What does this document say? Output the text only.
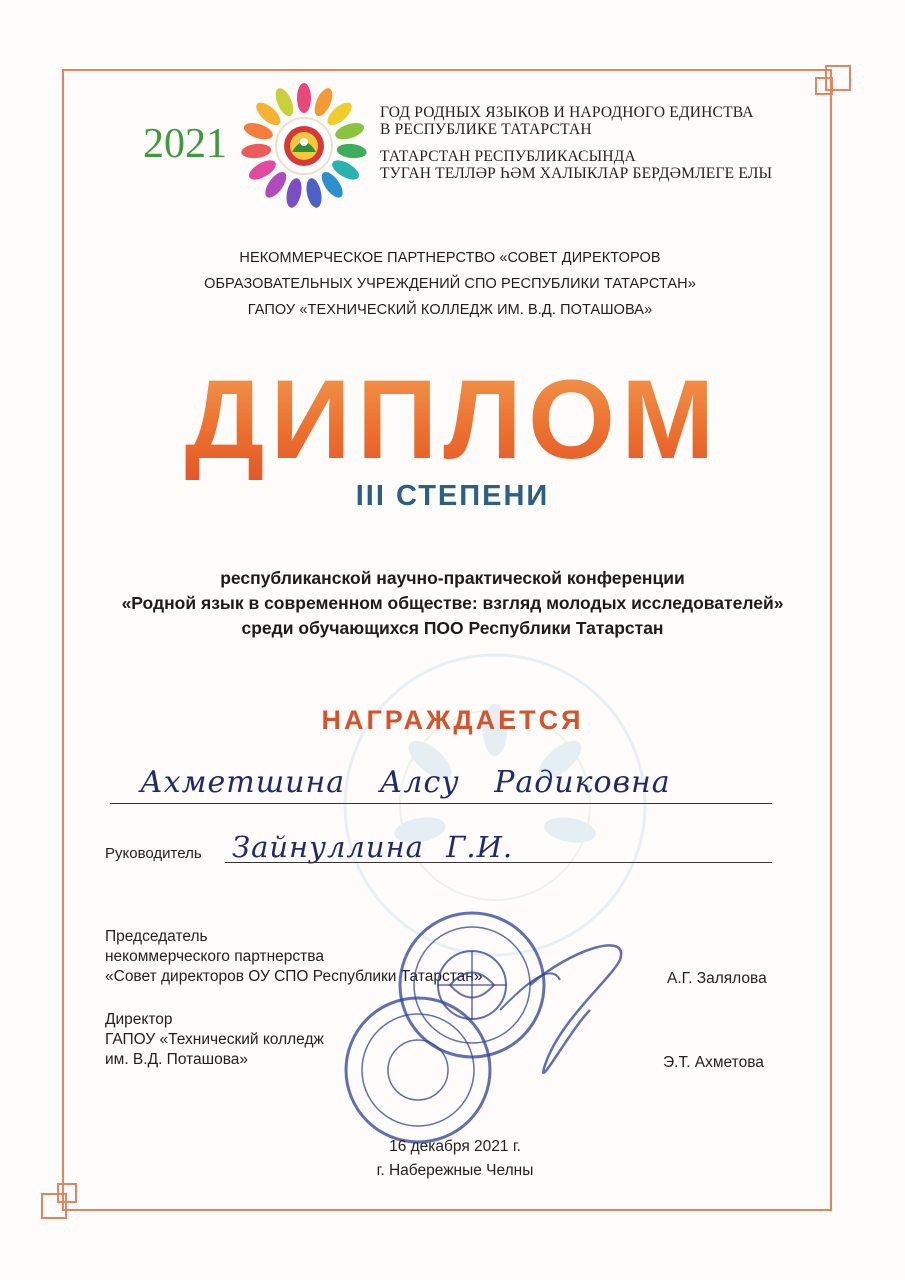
2021
ГОД РОДНЫХ ЯЗЫКОВ И НАРОДНОГО ЕДИНСТВА
В РЕСПУБЛИКЕ ТАТАРСТАН
ТАТАРСТАН РЕСПУБЛИКАСЫНДА
ТУГАН ТЕЛЛӘР ҺӘМ ХАЛЫКЛАР БЕРДӘМЛЕГЕ ЕЛЫ
НЕКОММЕРЧЕСКОЕ ПАРТНЕРСТВО «СОВЕТ ДИРЕКТОРОВ
ОБРАЗОВАТЕЛЬНЫХ УЧРЕЖДЕНИЙ СПО РЕСПУБЛИКИ ТАТАРСТАН»
ГАПОУ «ТЕХНИЧЕСКИЙ КОЛЛЕДЖ ИМ. В.Д. ПОТАШОВА»
ДИПЛОМ
III СТЕПЕНИ
республиканской научно-практической конференции
«Родной язык в современном обществе: взгляд молодых исследователей»
среди обучающихся ПОО Республики Татарстан
НАГРАЖДАЕТСЯ
Ахметшина Алсу Радиковна
Руководитель Зайнуллина Г.И.
Председатель
некоммерческого партнерства
«Совет директоров ОУ СПО Республики Татарстан»	А.Г. Залялова
Директор
ГАПОУ «Технический колледж
им. В.Д. Поташова»	Э.Т. Ахметова
16 декабря 2021 г.
г. Набережные Челны
